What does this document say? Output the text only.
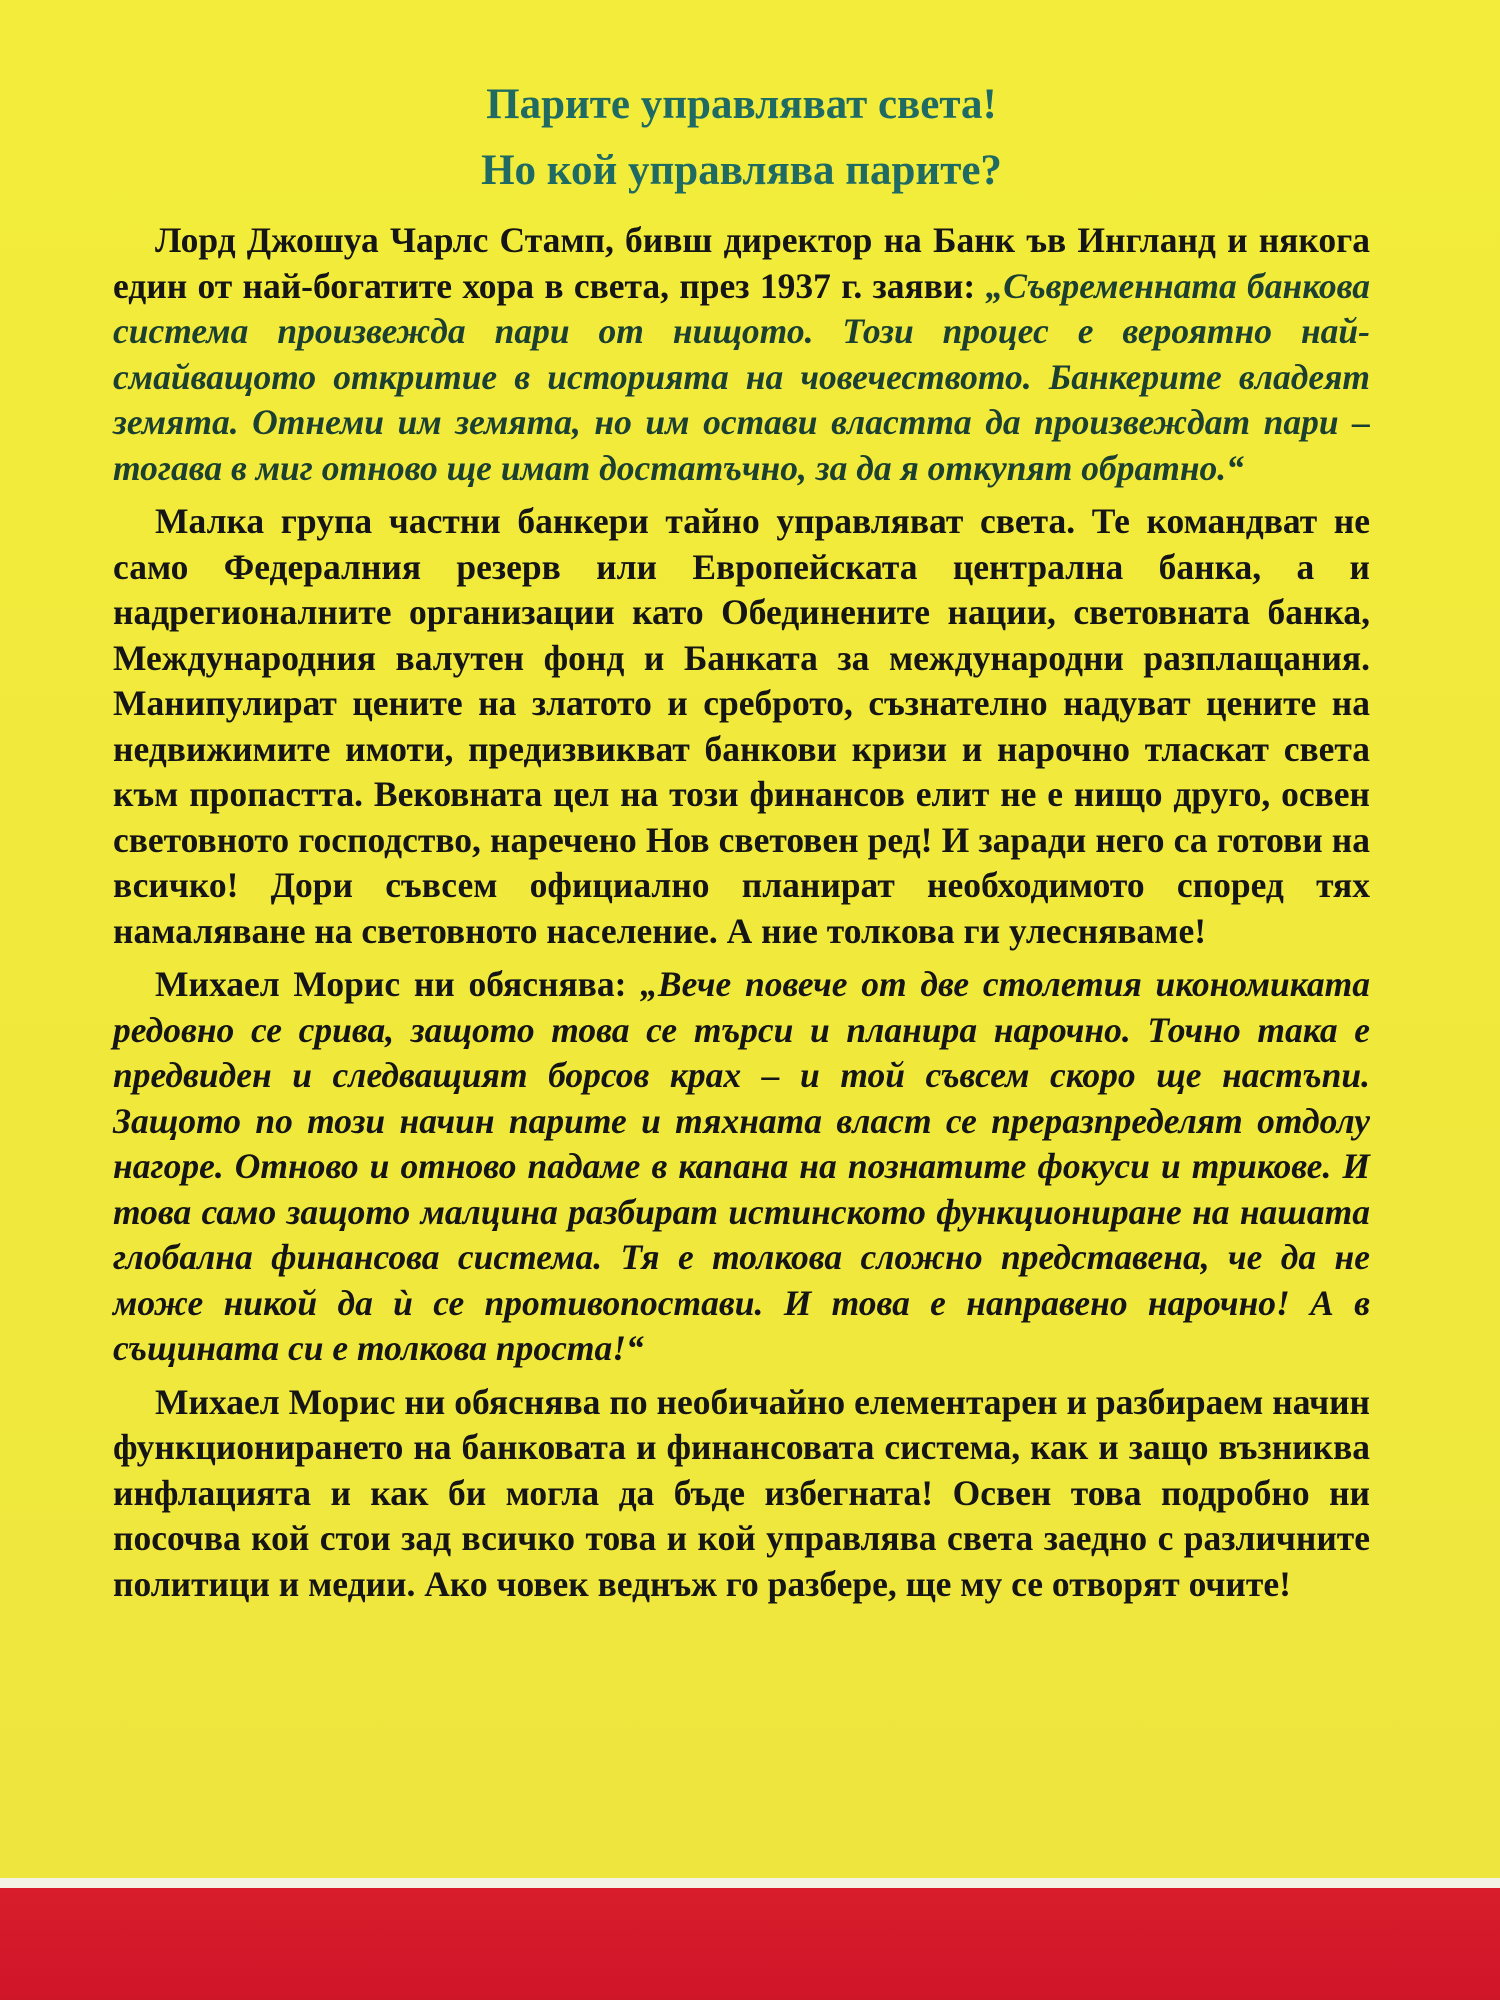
Парите управляват света!
Но кой управлява парите?

Лорд Джошуа Чарлс Стамп, бивш директор на Банк ъв Ингланд и някога един от най-богатите хора в света, през 1937 г. заяви: „Съвременната банкова система произвежда пари от нищото. Този процес е вероятно най-смайващото откритие в историята на човечеството. Банкерите владеят земята. Отнеми им земята, но им остави властта да произвеждат пари – тогава в миг отново ще имат достатъчно, за да я откупят обратно.“

Малка група частни банкери тайно управляват света. Те командват не само Федералния резерв или Европейската централна банка, а и надрегионалните организации като Обединените нации, световната банка, Международния валутен фонд и Банката за международни разплащания. Манипулират цените на златото и среброто, съзнателно надуват цените на недвижимите имоти, предизвикват банкови кризи и нарочно тласкат света към пропастта. Вековната цел на този финансов елит не е нищо друго, освен световното господство, наречено Нов световен ред! И заради него са готови на всичко! Дори съвсем официално планират необходимото според тях намаляване на световното население. А ние толкова ги улесняваме!

Михаел Морис ни обяснява: „Вече повече от две столетия икономиката редовно се срива, защото това се търси и планира нарочно. Точно така е предвиден и следващият борсов крах – и той съвсем скоро ще настъпи. Защото по този начин парите и тяхната власт се преразпределят отдолу нагоре. Отново и отново падаме в капана на познатите фокуси и трикове. И това само защото малцина разбират истинското функциониране на нашата глобална финансова система. Тя е толкова сложно представена, че да не може никой да ѝ се противопостави. И това е направено нарочно! А в същината си е толкова проста!“

Михаел Морис ни обяснява по необичайно елементарен и разбираем начин функционирането на банковата и финансовата система, как и защо възниква инфлацията и как би могла да бъде избегната! Освен това подробно ни посочва кой стои зад всичко това и кой управлява света заедно с различните политици и медии. Ако човек веднъж го разбере, ще му се отворят очите!
